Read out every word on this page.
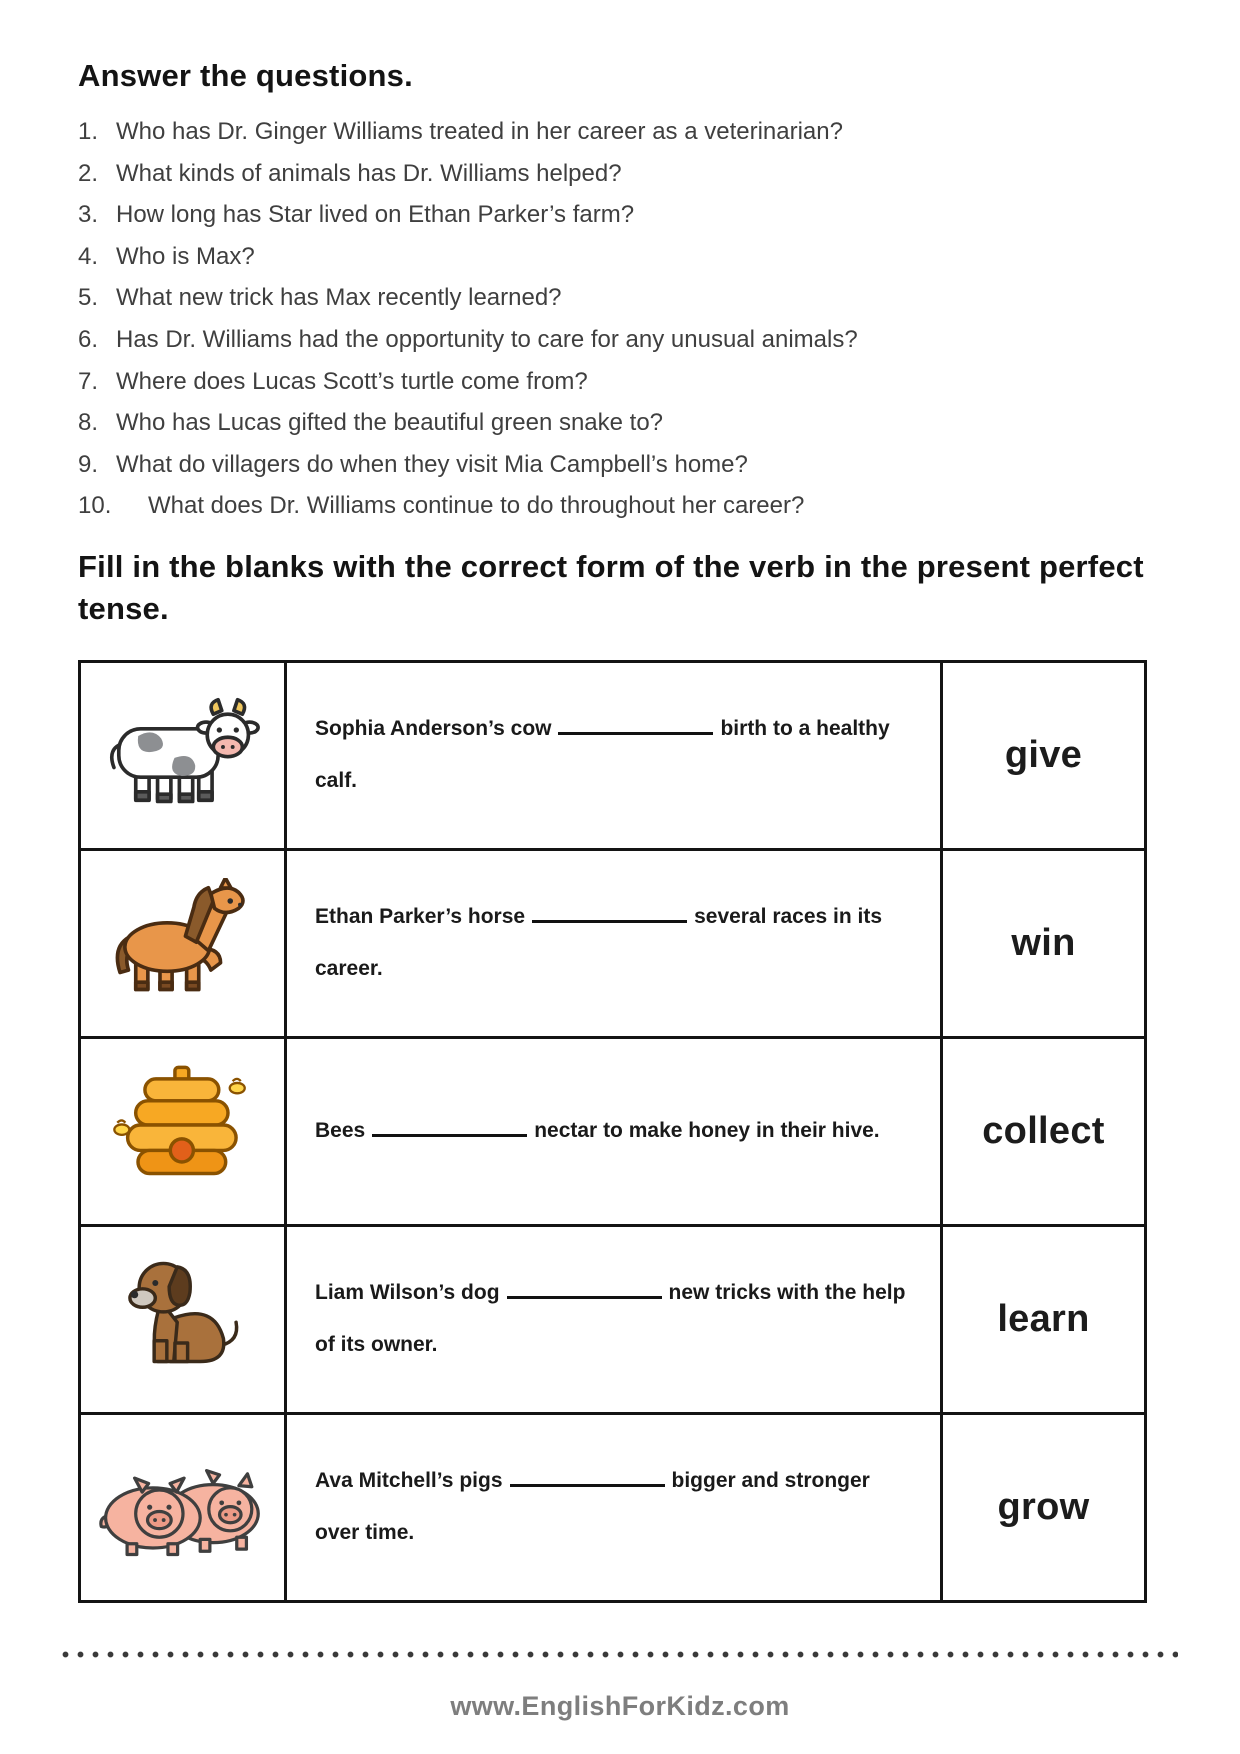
Answer the questions.
1. Who has Dr. Ginger Williams treated in her career as a veterinarian?
2. What kinds of animals has Dr. Williams helped?
3. How long has Star lived on Ethan Parker’s farm?
4. Who is Max?
5. What new trick has Max recently learned?
6. Has Dr. Williams had the opportunity to care for any unusual animals?
7. Where does Lucas Scott’s turtle come from?
8. Who has Lucas gifted the beautiful green snake to?
9. What do villagers do when they visit Mia Campbell’s home?
10.	What does Dr. Williams continue to do throughout her career?
Fill in the blanks with the correct form of the verb in the present perfect tense.

Sophia Anderson’s cow birth to a healthy calf.	give

Ethan Parker’s horse several races in its career.	win

Bees nectar to make honey in their hive.	collect

Liam Wilson’s dog new tricks with the help of its owner.	learn

Ava Mitchell’s pigs bigger and stronger over time.	grow
www.EnglishForKidz.com
